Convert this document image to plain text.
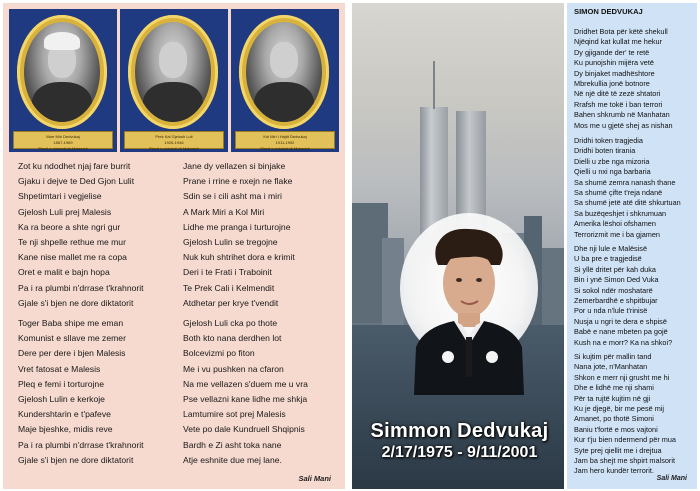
Marr Miri Dedvukaj
1867-1969
Pjesë e shkrimit të Malesisë
Prek Kal Gjelosh Luli
1926-1946
Pjesë e shkrimit të Malesisë
Kol Miri i Hajtit Dedvukaj
1911-1992
Pjesë e shkrimit të Malesisë
Zot ku ndodhet njaj fare burrit
Gjaku i dejve te Ded Gjon Lulit
Shpetimtari i vegjelise
Gjelosh Luli prej Malesis
Ka ra beore a shte ngri gur
Te nji shpelle rethue me mur
Kane nise mallet me ra copa
Oret e malit e bajn hopa
Pa i ra plumbi n'drrase t'krahnorit
Gjale s'i bjen ne dore diktatorit
Jane dy vellazen si binjake
Prane i rrine e nxejn ne flake
Sdin se i cili asht ma i miri
A Mark Miri a Kol Miri
Lidhe me pranga i turturojne
Gjelosh Lulin se tregojne
Nuk kuh shtrihet dora e krimit
Deri i te Frati i Traboinit
Te Prek Cali i Kelmendit
Atdhetar per krye t'vendit
Toger Baba shipe me eman
Komunist e sllave me zemer
Dere per dere i bjen Malesis
Vret fatosat e Malesis
Pleq e femi i torturojne
Gjelosh Lulin e kerkoje
Kundershtarin e t'pafeve
Maje bjeshke, midis reve
Pa i ra plumbi n'drrase t'krahnorit
Gjale s'i bjen ne dore diktatorit
Gjelosh Luli cka po thote
Both kto nana derdhen lot
Bolcevizmi po fiton
Me i vu pushken na cfaron
Na me vellazen s'duem me u vra
Pse vellazni kane lidhe me shkja
Lamtumire sot prej Malesis
Vete po dale Kundruell Shqipnis
Bardh e Zi asht toka nane
Atje eshnite due mej lane.
Sali Mani
Simmon Dedvukaj
2/17/1975 - 9/11/2001
SIMON DEDVUKAJ
Dridhet Bota për këtë shekull
Njëqind kat kullat me hekur
Dy gjigande der' te retë
Ku punojshin mijëra vetë
Dy binjaket madhështore
Mbrekullia jonë botnore
Në një ditë të zezë shtatori
Rrafsh me tokë i ban terrori
Bahen shkrumb në Manhatan
Mos me u gjetë shej as nishan
Dridhi token tragjedia
Dridhi boten tirania
Dielli u zbe nga mizoria
Qielli u nxi nga barbaria
Sa shumë zemra nanash thane
Sa shumë çifte t'reja ndanë
Sa shumë jetë atë ditë shkurtuan
Sa buzëqeshjet i shkrumuan
Amerika lëshoi ofshamen
Terrorizmit me i ba gjamen
Dhe nji lule e Malësisë
U ba pre e tragjedisë
Si yllë dritet për kah duka
Bin i ynë Simon Ded Vuka
Si sokol ndër moshatarë
Zemerbardhë e shpitbujar
Por u nda n'lule t'rinisë
Nusja u ngri te dera e shpisë
Babë e nane mbeten pa gojë
Kush na e morr? Ka na shkoi?
Si kujtim për mallin tand
Nana jote, n'Manhatan
Shkon e merr nji grusht me hi
Dhe e lidhë me nji shami
Për ta rujtë kujtim në gji
Ku je djegë, bir me pesë mij
Amanet, po thotë Simoni
Baniu t'fortë e mos vajtoni
Kur t'ju bien ndermend për mua
Syte prej qiellit me i drejtua
Jam ba shejt me shpirt malsorit
Jam hero kundër terrorit.
Sali Mani
